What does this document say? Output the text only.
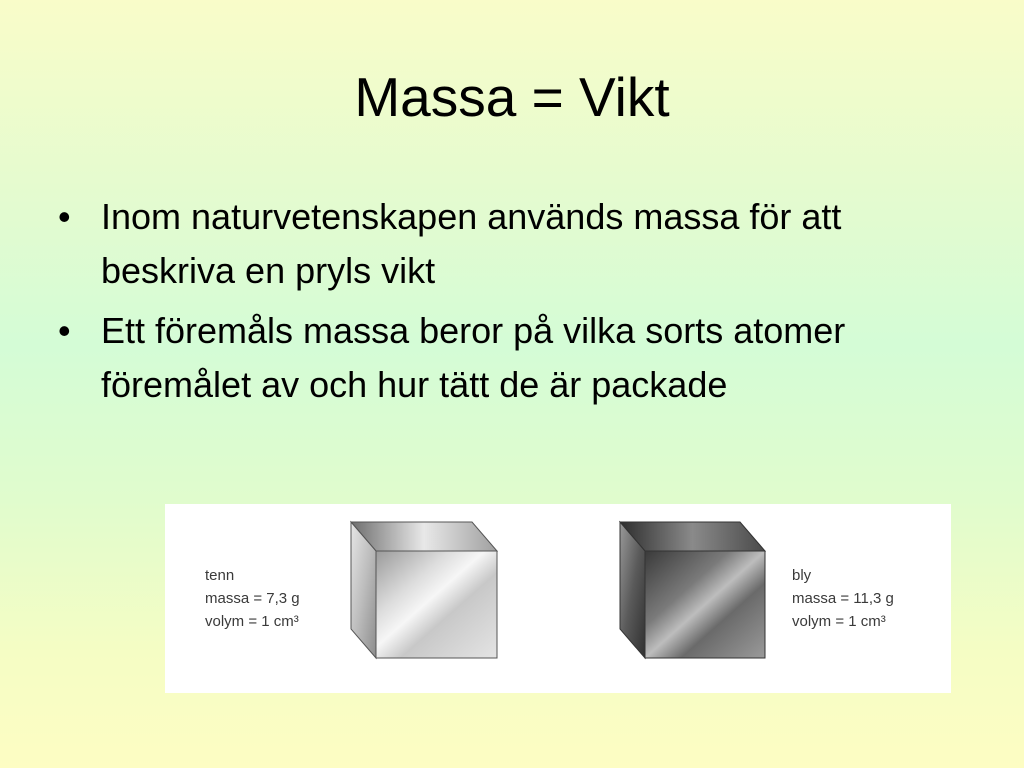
Massa = Vikt
• Inom naturvetenskapen används massa för att beskriva en pryls vikt
• Ett föremåls massa beror på vilka sorts atomer föremålet av och hur tätt de är packade
tenn
massa = 7,3 g
volym = 1 cm³
bly
massa = 11,3 g
volym = 1 cm³
